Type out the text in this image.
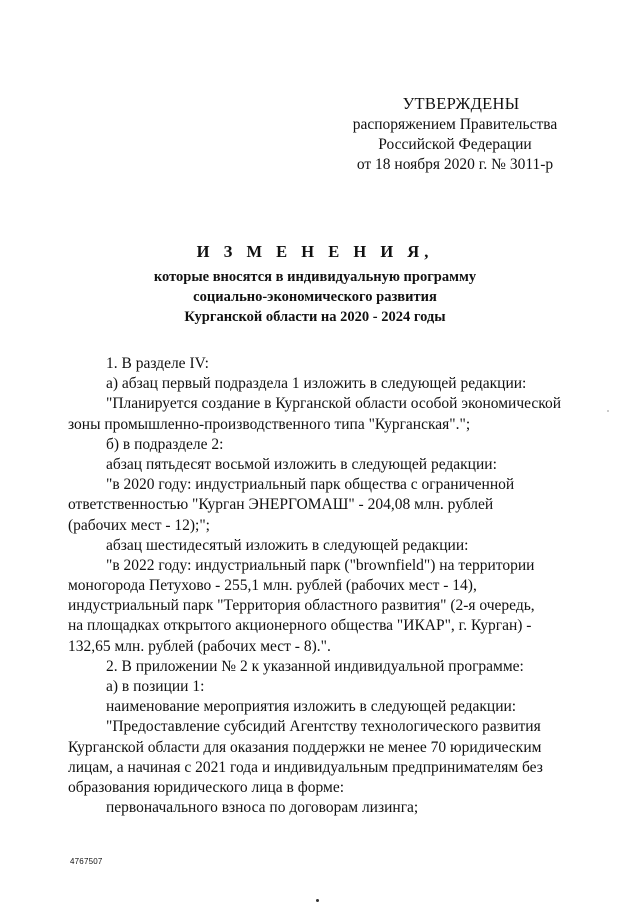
УТВЕРЖДЕНЫ
распоряжением Правительства
Российской Федерации
от 18 ноября 2020 г. № 3011-р
И З М Е Н Е Н И Я,
которые вносятся в индивидуальную программу
социально-экономического развития
Курганской области на 2020 - 2024 годы
1. В разделе IV:
а) абзац первый подраздела 1 изложить в следующей редакции:
"Планируется создание в Курганской области особой экономической
зоны промышленно-производственного типа "Курганская".";
б) в подразделе 2:
абзац пятьдесят восьмой изложить в следующей редакции:
"в 2020 году: индустриальный парк общества с ограниченной
ответственностью "Курган ЭНЕРГОМАШ" - 204,08 млн. рублей
(рабочих мест - 12);";
абзац шестидесятый изложить в следующей редакции:
"в 2022 году: индустриальный парк ("brownfield") на территории
моногорода Петухово - 255,1 млн. рублей (рабочих мест - 14),
индустриальный парк "Территория областного развития" (2-я очередь,
на площадках открытого акционерного общества "ИКАР", г. Курган) -
132,65 млн. рублей (рабочих мест - 8).".
2. В приложении № 2 к указанной индивидуальной программе:
а) в позиции 1:
наименование мероприятия изложить в следующей редакции:
"Предоставление субсидий Агентству технологического развития
Курганской области для оказания поддержки не менее 70 юридическим
лицам, а начиная с 2021 года и индивидуальным предпринимателям без
образования юридического лица в форме:
первоначального взноса по договорам лизинга;
4767507
